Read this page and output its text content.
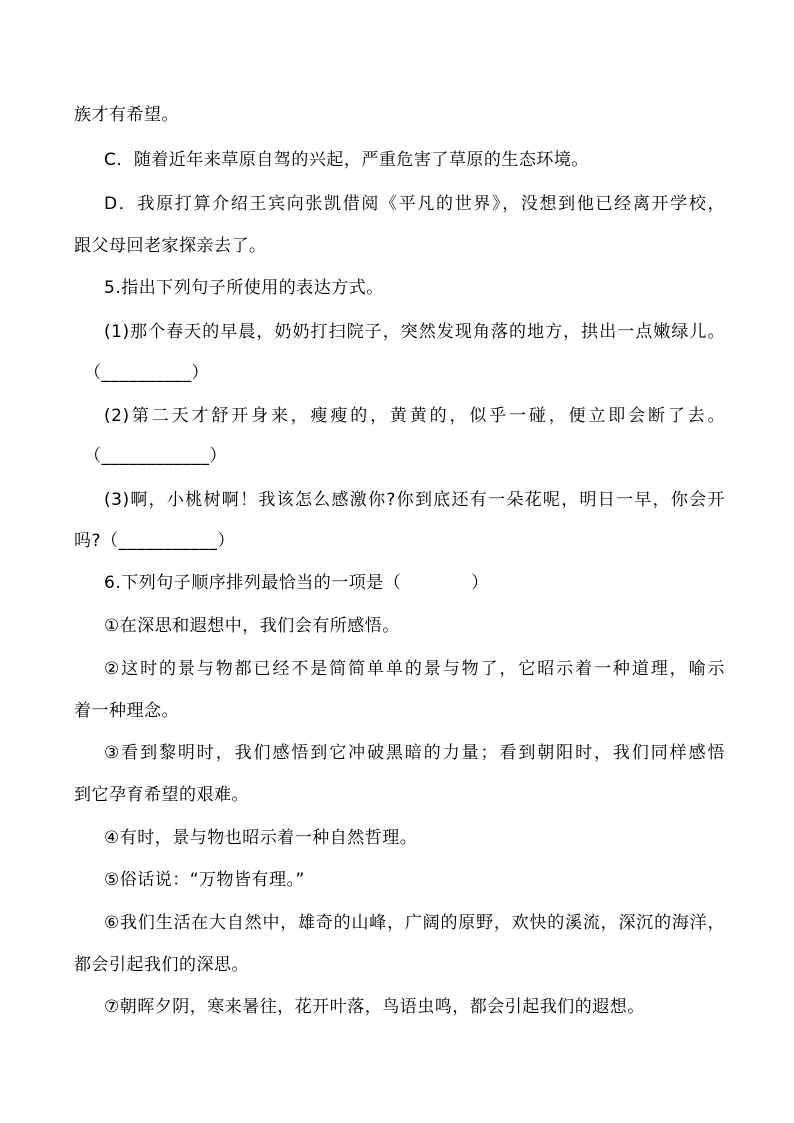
族才有希望。
C．随着近年来草原自驾的兴起，严重危害了草原的生态环境。
D．我原打算介绍王宾向张凯借阅《平凡的世界》，没想到他已经离开学校，
跟父母回老家探亲去了。
5.指出下列句子所使用的表达方式。
(1)那个春天的早晨，奶奶打扫院子，突然发现角落的地方，拱出一点嫩绿儿。
（__________）
(2)第二天才舒开身来，瘦瘦的，黄黄的，似乎一碰，便立即会断了去。
（____________）
(3)啊，小桃树啊！我该怎么感激你?你到底还有一朵花呢，明日一早，你会开
吗?（___________）
6.下列句子顺序排列最恰当的一项是（　　　　）
①在深思和遐想中，我们会有所感悟。
②这时的景与物都已经不是简简单单的景与物了，它昭示着一种道理，喻示
着一种理念。
③看到黎明时，我们感悟到它冲破黑暗的力量；看到朝阳时，我们同样感悟
到它孕育希望的艰难。
④有时，景与物也昭示着一种自然哲理。
⑤俗话说：“万物皆有理。”
⑥我们生活在大自然中，雄奇的山峰，广阔的原野，欢快的溪流，深沉的海洋，
都会引起我们的深思。
⑦朝晖夕阴，寒来暑往，花开叶落，鸟语虫鸣，都会引起我们的遐想。
